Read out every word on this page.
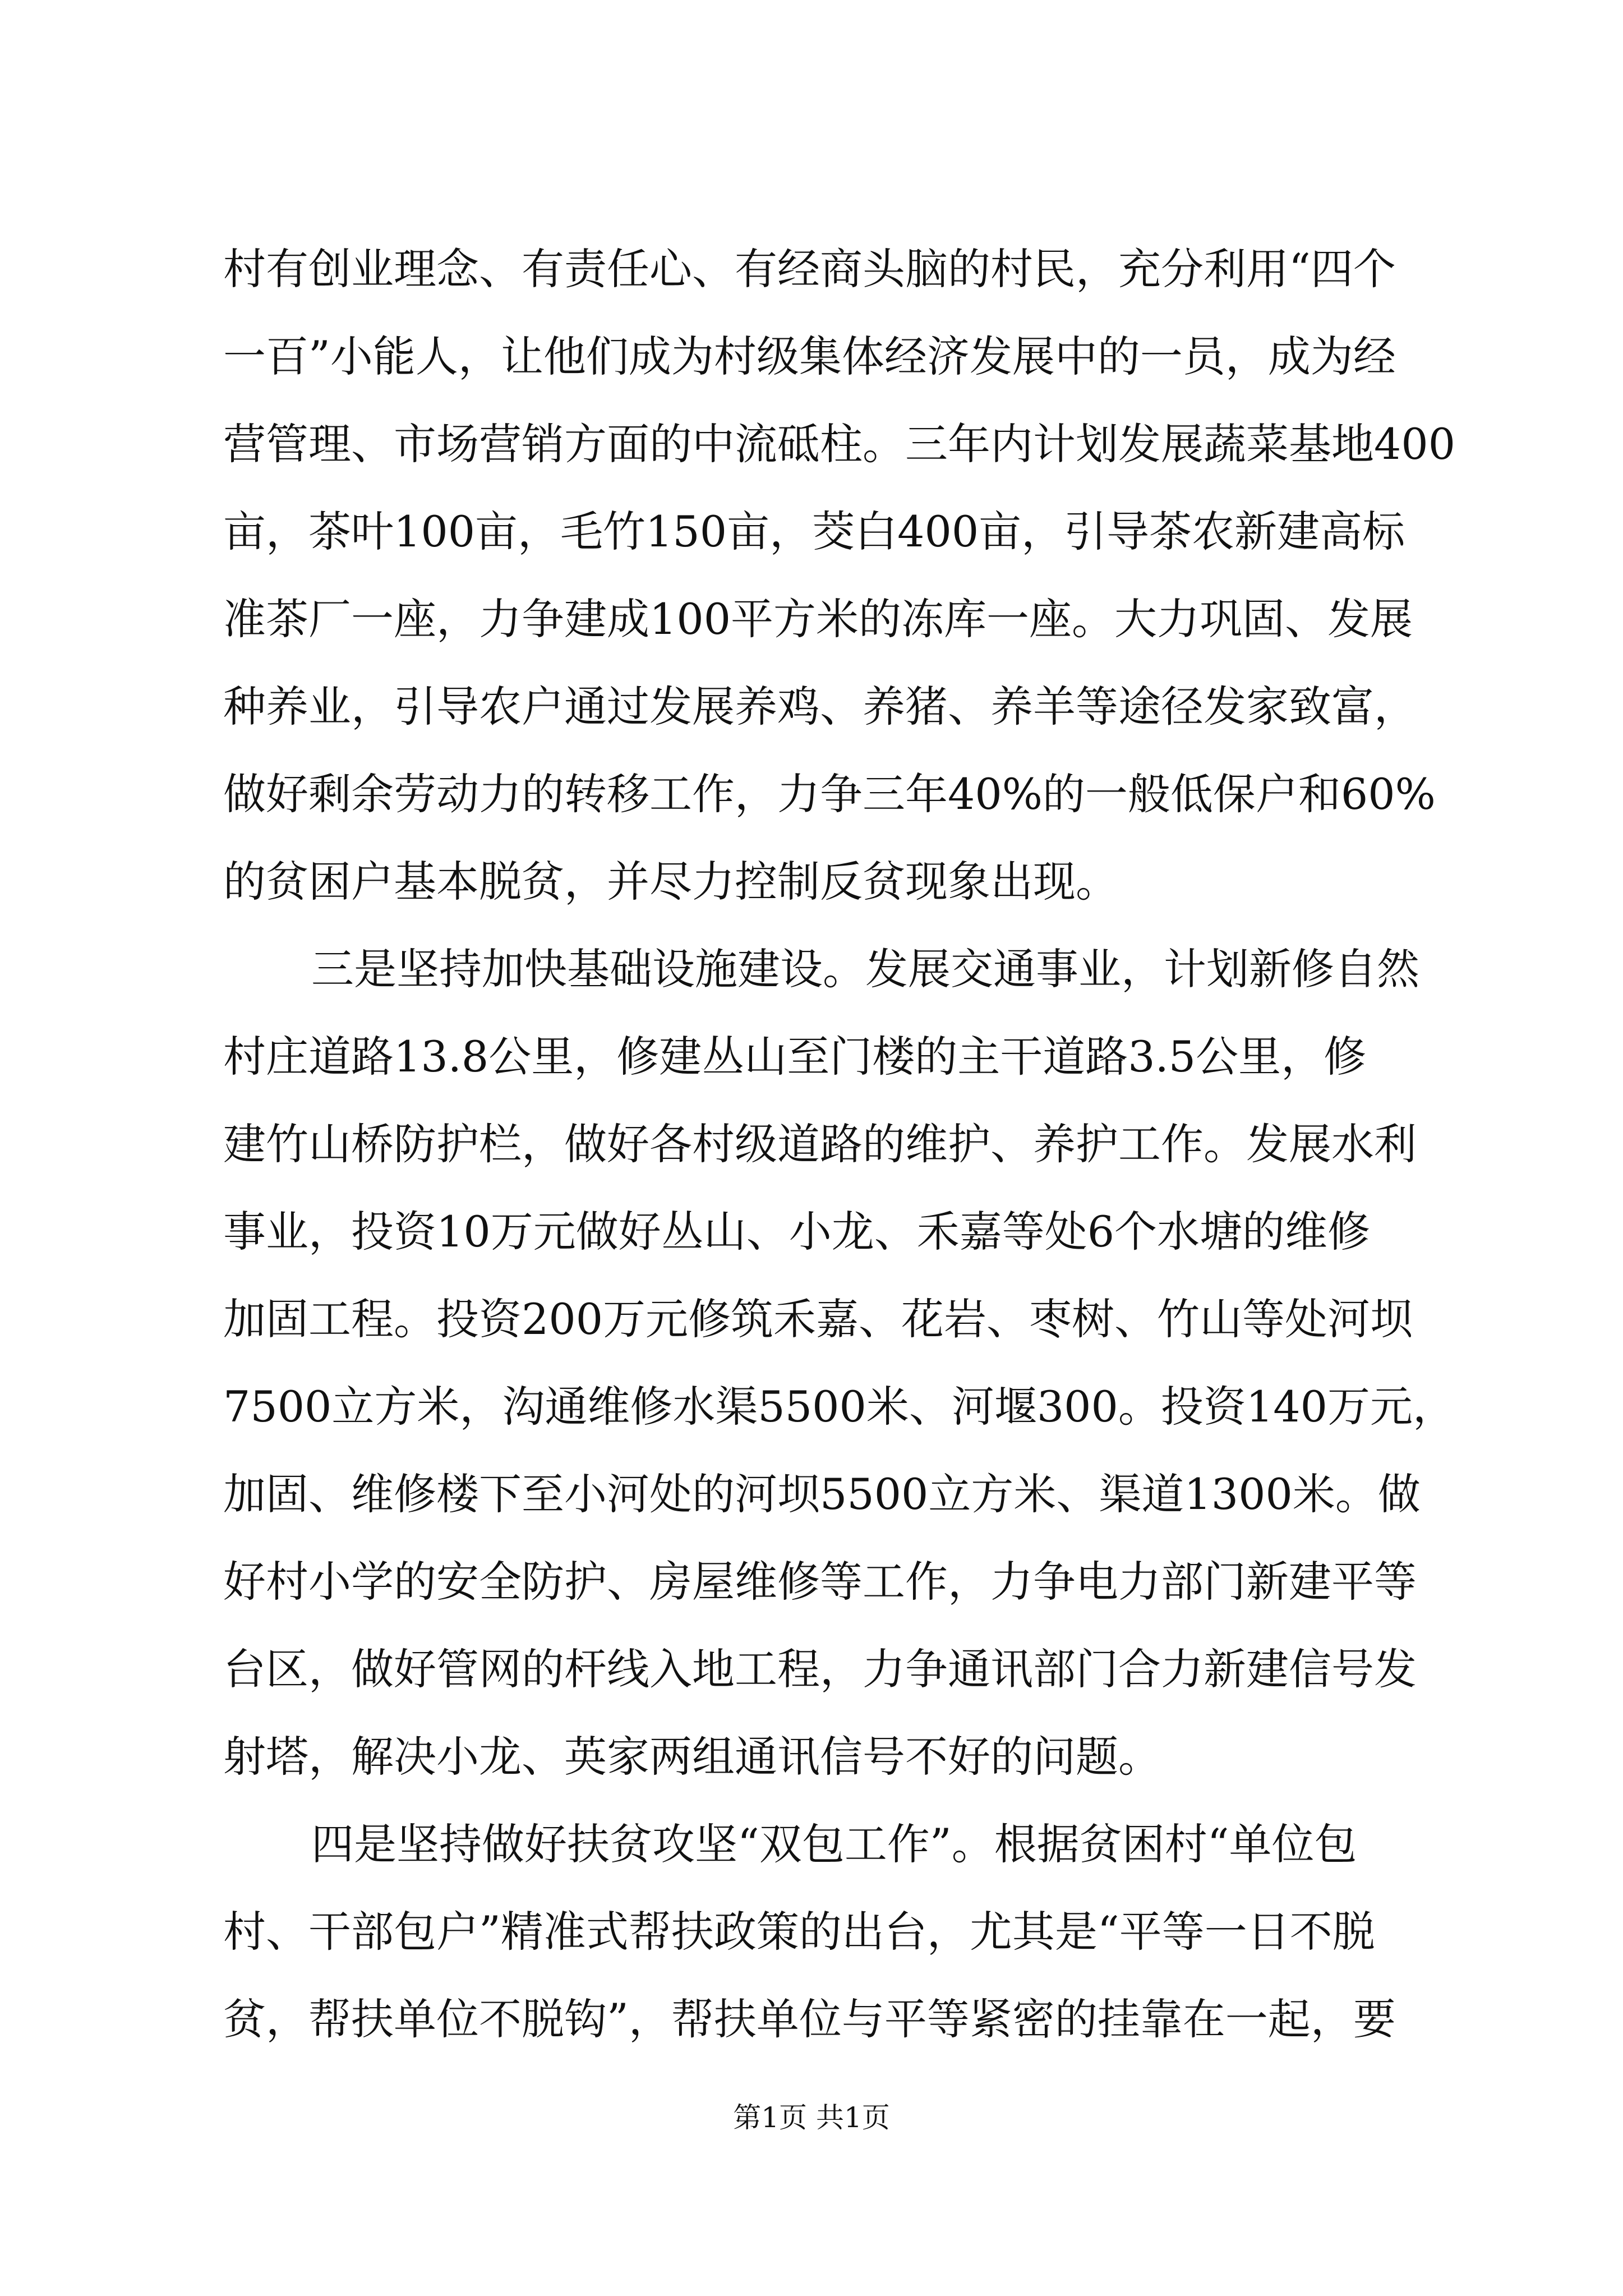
村有创业理念、有责任心、有经商头脑的村民，充分利用“四个
一百”小能人，让他们成为村级集体经济发展中的一员，成为经
营管理、市场营销方面的中流砥柱。三年内计划发展蔬菜基地400
亩，茶叶100亩，毛竹150亩，茭白400亩，引导茶农新建高标
准茶厂一座，力争建成100平方米的冻库一座。大力巩固、发展
种养业，引导农户通过发展养鸡、养猪、养羊等途径发家致富，
做好剩余劳动力的转移工作，力争三年40%的一般低保户和60%
的贫困户基本脱贫，并尽力控制反贫现象出现。
三是坚持加快基础设施建设。发展交通事业，计划新修自然
村庄道路13.8公里，修建丛山至门楼的主干道路3.5公里，修
建竹山桥防护栏，做好各村级道路的维护、养护工作。发展水利
事业，投资10万元做好丛山、小龙、禾嘉等处6个水塘的维修
加固工程。投资200万元修筑禾嘉、花岩、枣树、竹山等处河坝
7500立方米，沟通维修水渠5500米、河堰300。投资140万元，
加固、维修楼下至小河处的河坝5500立方米、渠道1300米。做
好村小学的安全防护、房屋维修等工作，力争电力部门新建平等
台区，做好管网的杆线入地工程，力争通讯部门合力新建信号发
射塔，解决小龙、英家两组通讯信号不好的问题。
四是坚持做好扶贫攻坚“双包工作”。根据贫困村“单位包
村、干部包户”精准式帮扶政策的出台，尤其是“平等一日不脱
第1页 共1页
贫，帮扶单位不脱钩”，帮扶单位与平等紧密的挂靠在一起，要
